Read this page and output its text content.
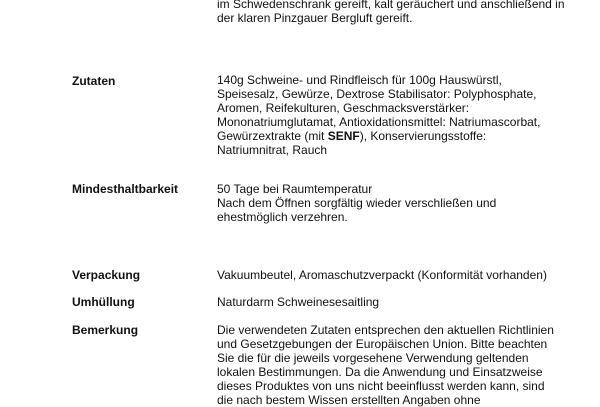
im Schwedenschrank gereift, kalt geräuchert und anschließend in
der klaren Pinzgauer Bergluft gereift.
Zutaten	140g Schweine- und Rindfleisch für 100g Hauswürstl,
Speisesalz, Gewürze, Dextrose Stabilisator: Polyphosphate,
Aromen, Reifekulturen, Geschmacksverstärker:
Mononatriumglutamat, Antioxidationsmittel: Natriumascorbat,
Gewürzextrakte (mit SENF), Konservierungsstoffe:
Natriumnitrat, Rauch
Mindesthaltbarkeit	50 Tage bei Raumtemperatur
Nach dem Öffnen sorgfältig wieder verschließen und
ehestmöglich verzehren.
Verpackung	Vakuumbeutel, Aromaschutzverpackt (Konformität vorhanden)
Umhüllung	Naturdarm Schweinesesaitling
Bemerkung	Die verwendeten Zutaten entsprechen den aktuellen Richtlinien
und Gesetzgebungen der Europäischen Union. Bitte beachten
Sie die für die jeweils vorgesehene Verwendung geltenden
lokalen Bestimmungen. Da die Anwendung und Einsatzweise
dieses Produktes von uns nicht beeinflusst werden kann, sind
die nach bestem Wissen erstellten Angaben ohne
